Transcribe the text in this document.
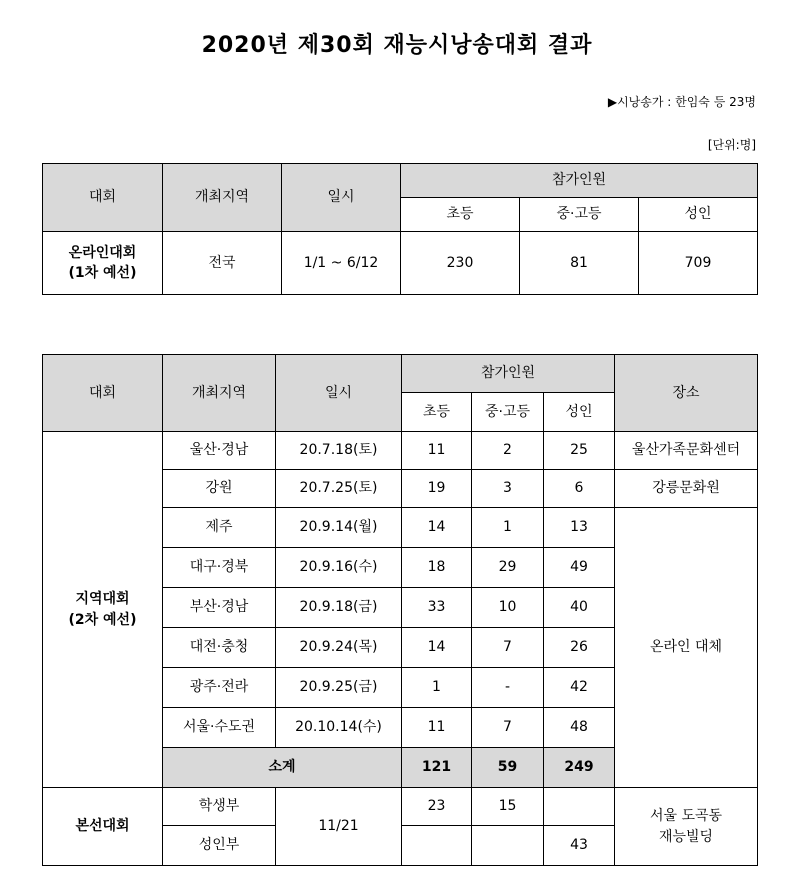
2020년 제30회 재능시낭송대회 결과
▶시낭송가 : 한임숙 등 23명
[단위:명]
대회	개최지역	일시	참가인원		
			초등	중·고등	성인

온라인대회
(1차 예선)	전국	1/1 ~ 6/12	230	81	709
대회	개최지역	일시	참가인원			장소
			초등	중·고등	성인	

지역대회
(2차 예선)	울산·경남	20.7.18(토)	11	2	25	울산가족문화센터
	강원	20.7.25(토)	19	3	6	강릉문화원
	제주	20.9.14(월)	14	1	13	온라인 대체
	대구·경북	20.9.16(수)	18	29	49	
	부산·경남	20.9.18(금)	33	10	40	
	대전·충청	20.9.24(목)	14	7	26	
	광주·전라	20.9.25(금)	1	-	42	
	서울·수도권	20.10.14(수)	11	7	48	
	소계		121	59	249	
본선대회	학생부	11/21	23	15		서울 도곡동
재능빌딩

	성인부				43	
